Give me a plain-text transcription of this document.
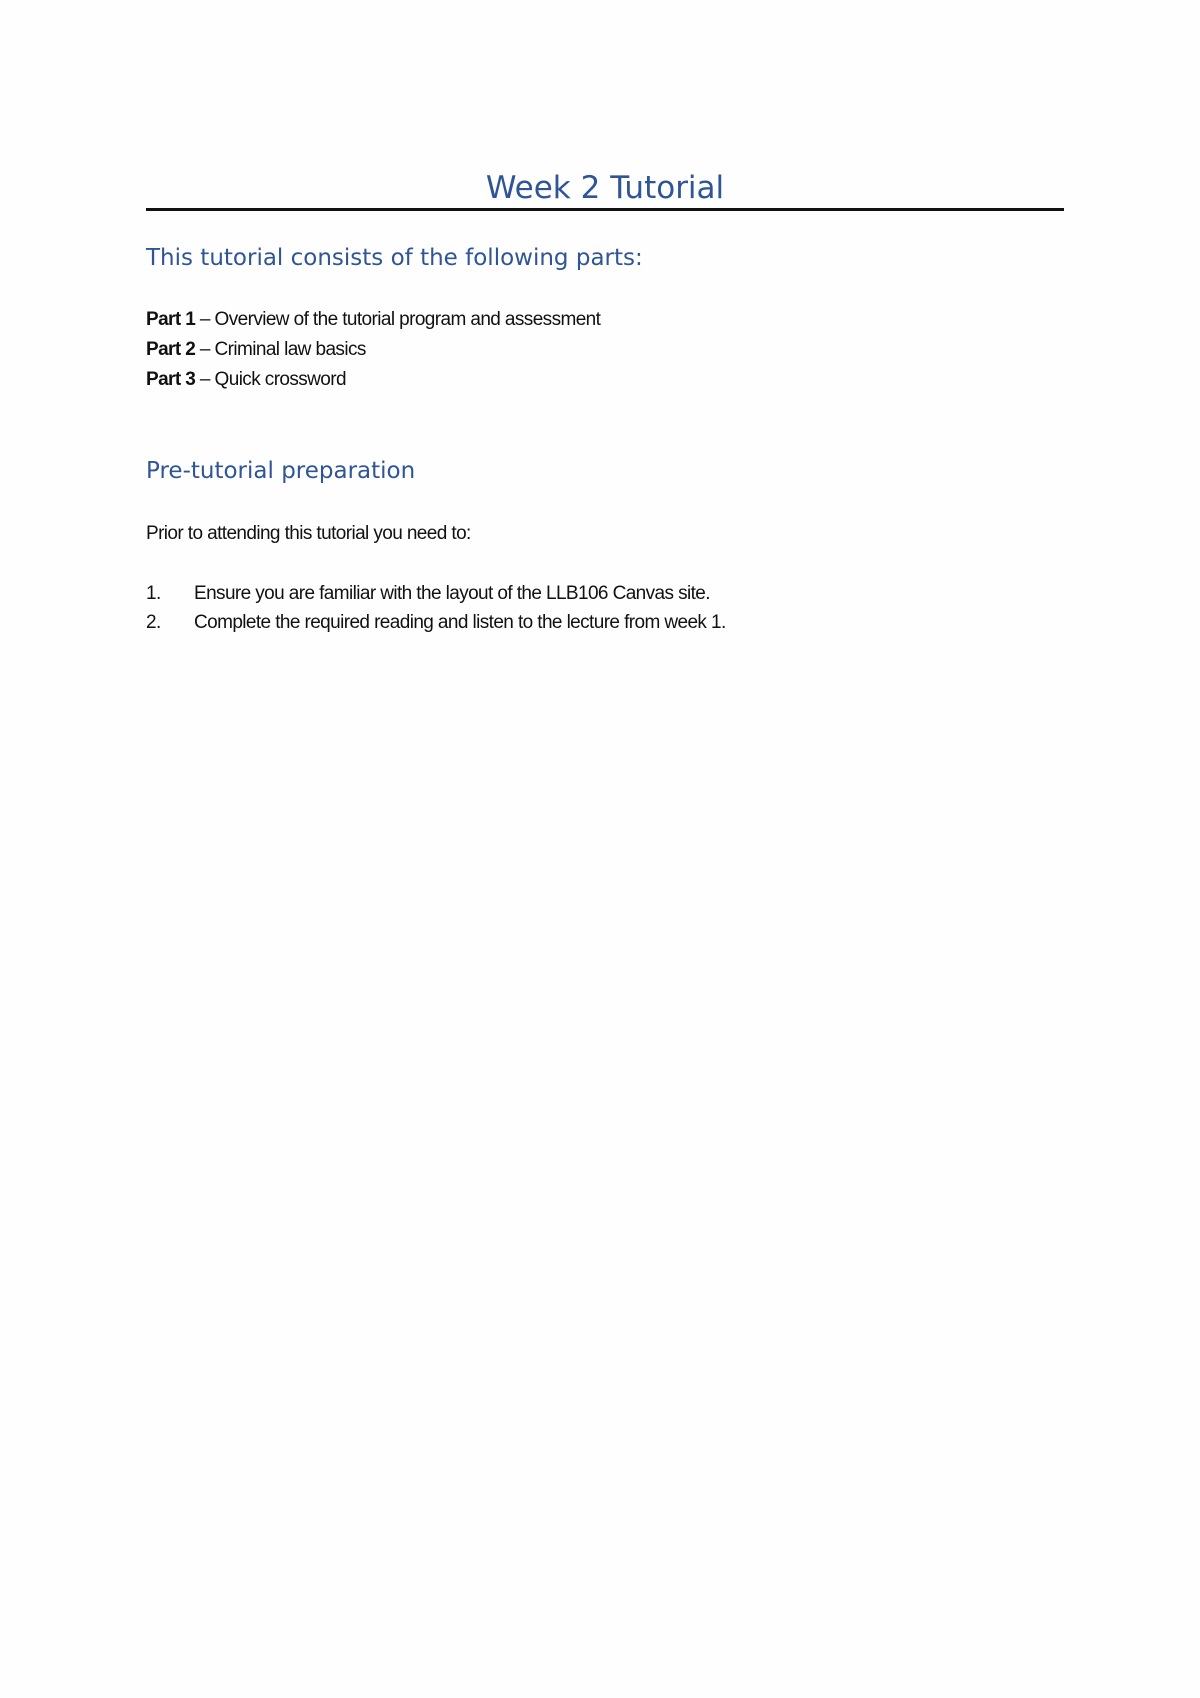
Week 2 Tutorial
This tutorial consists of the following parts:
Part 1 – Overview of the tutorial program and assessment
Part 2 – Criminal law basics
Part 3 – Quick crossword
Pre-tutorial preparation
Prior to attending this tutorial you need to:
1. Ensure you are familiar with the layout of the LLB106 Canvas site.
2. Complete the required reading and listen to the lecture from week 1.
